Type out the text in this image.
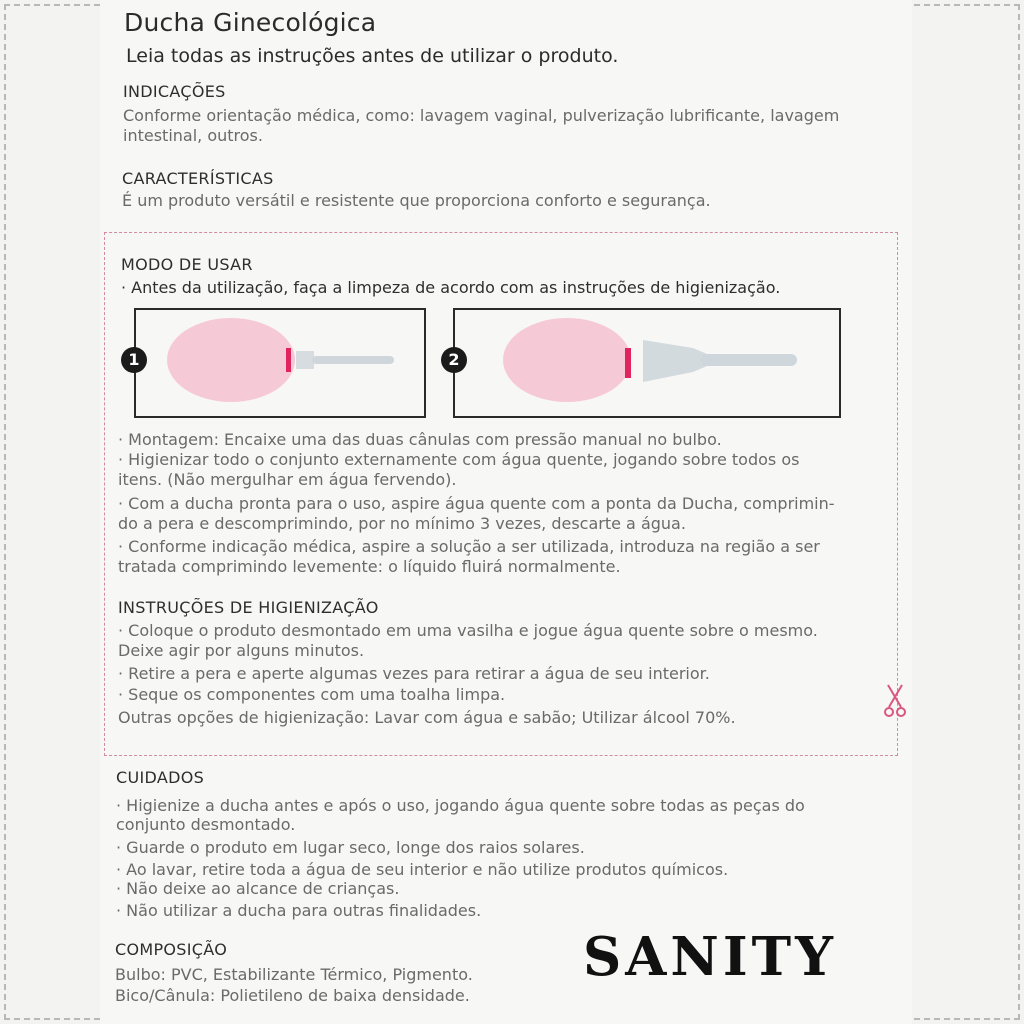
Ducha Ginecológica
Leia todas as instruções antes de utilizar o produto.
INDICAÇÕES
Conforme orientação médica, como: lavagem vaginal, pulverização lubrificante, lavagem
intestinal, outros.
CARACTERÍSTICAS
É um produto versátil e resistente que proporciona conforto e segurança.
MODO DE USAR
· Antes da utilização, faça a limpeza de acordo com as instruções de higienização.
1	2
· Montagem: Encaixe uma das duas cânulas com pressão manual no bulbo.
· Higienizar todo o conjunto externamente com água quente, jogando sobre todos os
itens. (Não mergulhar em água fervendo).
· Com a ducha pronta para o uso, aspire água quente com a ponta da Ducha, comprimin-
do a pera e descomprimindo, por no mínimo 3 vezes, descarte a água.
· Conforme indicação médica, aspire a solução a ser utilizada, introduza na região a ser
tratada comprimindo levemente: o líquido fluirá normalmente.
INSTRUÇÕES DE HIGIENIZAÇÃO
· Coloque o produto desmontado em uma vasilha e jogue água quente sobre o mesmo.
Deixe agir por alguns minutos.
· Retire a pera e aperte algumas vezes para retirar a água de seu interior.
· Seque os componentes com uma toalha limpa.
Outras opções de higienização: Lavar com água e sabão; Utilizar álcool 70%.
CUIDADOS
· Higienize a ducha antes e após o uso, jogando água quente sobre todas as peças do
conjunto desmontado.
· Guarde o produto em lugar seco, longe dos raios solares.
· Ao lavar, retire toda a água de seu interior e não utilize produtos químicos.
· Não deixe ao alcance de crianças.
· Não utilizar a ducha para outras finalidades.
COMPOSIÇÃO
Bulbo: PVC, Estabilizante Térmico, Pigmento.
Bico/Cânula: Polietileno de baixa densidade.
SANITY
